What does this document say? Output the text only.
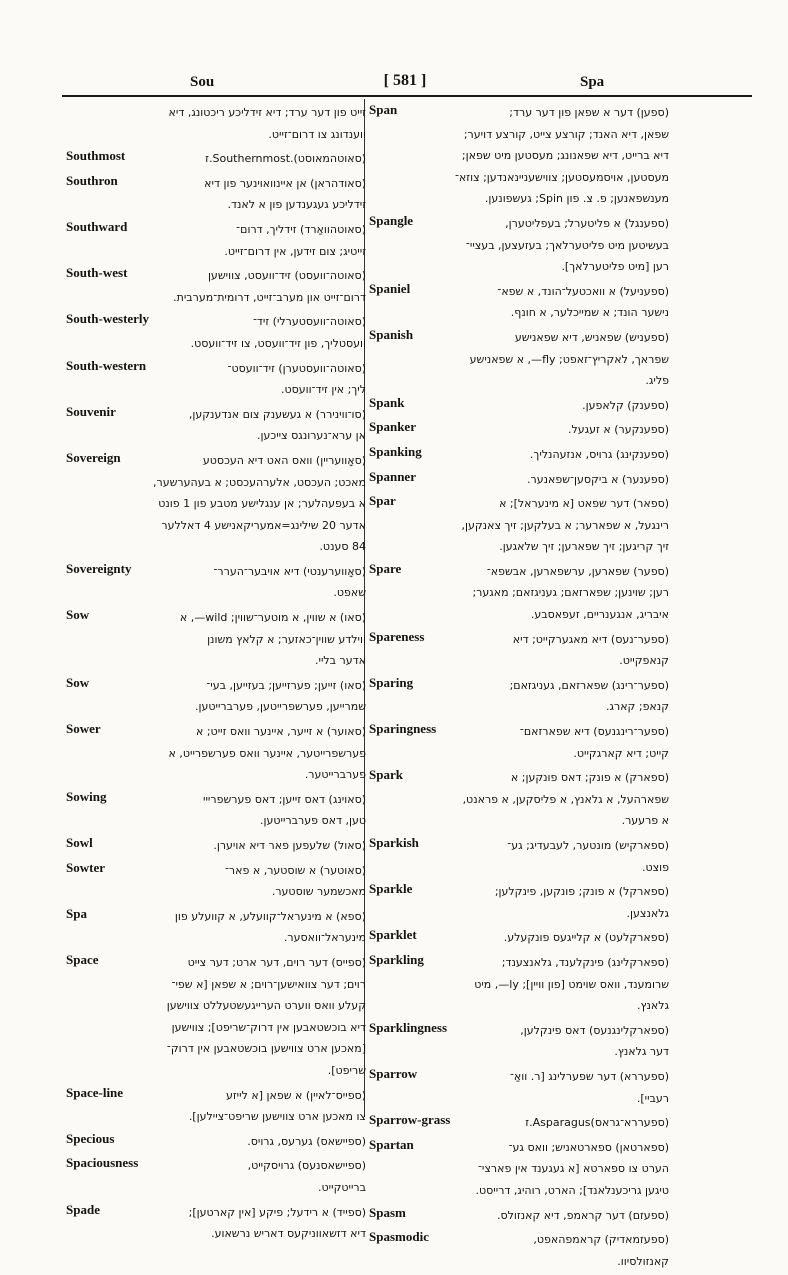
Sou	[ 581 ]	Spa
זייט פון דער ערד; דיא זידליכע ריכטונג, דיא
ווענדונג צו דרום־זייט.
Southmost	(סאוטהמאוסט).Southernmost.ז
Southron	(סאודהראן) אן איינוואוינער פון דיא
זידליכע געגענדען פון א לאנד.
Southward	(סאוטהוואַרד) זידליך, דרום־
זייטיג; צום זידען, אין דרום־זייט.
South-west	(סאוטה־וועסט) זיד־וועסט, צווישען
דרום־זייט און מערב־זייט, דרומית־מערבית.
South-westerly	(סאוטה־וועסטערלי) זיד־
וועסטליך, פון זיד־וועסט, צו זיד־וועסט.
South-western	(סאוטה־וועסטערן) זיד־וועסט־
ליך; אין זיד־וועסט.
Souvenir	(סו־ווינירר) א געשענק צום אנדענקען,
אן ערא־נערונגס צייכען.
Sovereign	(סאָוועריין) וואס האט דיא העכסטע
מאכט; העכסט, אלערהעכסט; א בעהערשער,
א בעפעהלער; אן ענגלישע מטבע פון 1 פונט
אדער 20 שילינג=אמעריקאנישע 4 דאללער
84 סענט.
Sovereignty	(סאָווערענטי) דיא אויבער־הערר־
שאפט.
Sow	(סאו) א שווין, א מוטער־שווין; wild—, א
ווילדע שווין־כאזער; א קלאץ משונן
אדער בליי.
Sow	(סאו) זייען; פערזייען; בעזייען, בעי־
שמרייען, פערשפרייטען, פערברייטען.
Sower	(סאוער) א זייער, איינער וואס זייט; א
פערשפרייטער, איינער וואס פערשפרייט, א
פערברייטער.
Sowing	(סאוינג) דאס זייען; דאס פערשפרייי
טען, דאס פערברייטען.
Sowl	(סאול) שלעפען פאר דיא אויערן.
Sowter	(סאוטער) א שוסטער, א פאר־
מאכשמער שוסטער.
Spa	(ספא) א מינעראל־קוועלע, א קוועלע פון
מינעראל־וואסער.
Space	(ספייס) דער רוים, דער ארט; דער צייט
רוים; דער צוואישען־רוים; א שפאן [א שפי־
קעלע וואס ווערט הערייגעשטעללט צווישען
דיא בוכשטאבען אין דרוק־שריפט]; צווישען
[מאכען ארט צווישען בוכשטאבען אין דרוק־
שריפט].
Space-line	(ספייס־לאיין) א שפאן [א לייזע
צו מאכען ארט צווישען שריפט־ציילען].
Specious	(ספיישאס) גערעס, גרויס.
Spaciousness	(ספיישאסנעס) גרויסקייט,
ברייטקייט.
Spade	(ספייד) א רידעל; פיקע [אין קארטען];
דיא דזשאווניקעס דאריש נרשאוע.
Span	(ספען) דער א שפאן פון דער ערד;
שפאן, דיא האנד; קורצע צייט, קורצע דויער;
דיא ברייט, דיא שפאנונג; מעסטען מיט שפאן;
מעסטען, אויסמעסטען; צווישעניינאנדען; צוזא־
מענשפאנען; פ. צ. פון Spin; געשפונען.
Spangle	(ספענגל) א פליטערל; בעפליטערן,
בעשיטען מיט פליטערלאך; בעזעצען, בעציי־
רען [מיט פליטערלאך].
Spaniel	(ספעניעל) א וואכטעל־הונד, א שפא־
נישער הונד; א שמייכלער, א חונף.
Spanish	(ספעניש) שפאניש, דיא שפאנישע
שפראך, לאקריץ־זאפט; fly—, א שפאנישע
פליג.
Spank	(ספענק) קלאפען.
Spanker	(ספענקער) א זעגעל.
Spanking	(ספענקינג) גרויס, אנזעהנליך.
Spanner	(ספענער) א ביקסען־שפאנער.
Spar	(ספאר) דער שפאט [א מינעראל]; א
רינגעל, א שפארער; א בעלקען; זיך צאנקען,
זיך קריגען; זיך שפארען; זיך שלאגען.
Spare	(ספער) שפארען, ערשפארען, אבשפא־
רען; שוינען; שפארזאם; געניגזאם; מאגער;
איבריג, אנגענריים, זעפאסבע.
Spareness	(ספער־נעס) דיא מאגערקייט; דיא
קנאפקייט.
Sparing	(ספער־רינג) שפארזאם, געניגזאם;
קנאפ; קארג.
Sparingness	(ספער־רינגנעס) דיא שפארזאם־
קייט; דיא קארגקייט.
Spark	(ספארק) א פונק; דאס פונקען; א
שפארהעל, א גלאנץ, א פליסקען, א פראנט,
א פרעער.
Sparkish	(ספארקיש) מונטער, לעבעדיג; גע־
פוצט.
Sparkle	(ספארקל) א פונק; פונקען, פינקלען;
גלאנצען.
Sparklet	(ספארקלעט) א קלייגעס פונקעלע.
Sparkling	(ספארקלינג) פינקלענד, גלאנצענד;
שרומענד, וואס שוימט [פון וויין]; ly—, מיט
גלאנץ.
Sparklingness	(ספארקלינגנעס) דאס פינקלען,
דער גלאנץ.
Sparrow	(ספעררא) דער שפערלינג [ר. וואַ־
רעביי].
Sparrow-grass	(ספעררא־גראס)Asparagus.ז
Spartan	(ספארטאן) ספארטאניש; וואס גע־
הערט צו ספארטא [א געגענד אין פארצי־
טיגען גריכענלאנד]; הארט, רוהיג, דרייסט.
Spasm	(ספעזם) דער קראמפ, דיא קאנזולס.
Spasmodic	(ספעזמאדיק) קראמפהאפט,
קאנזולסיוו.
